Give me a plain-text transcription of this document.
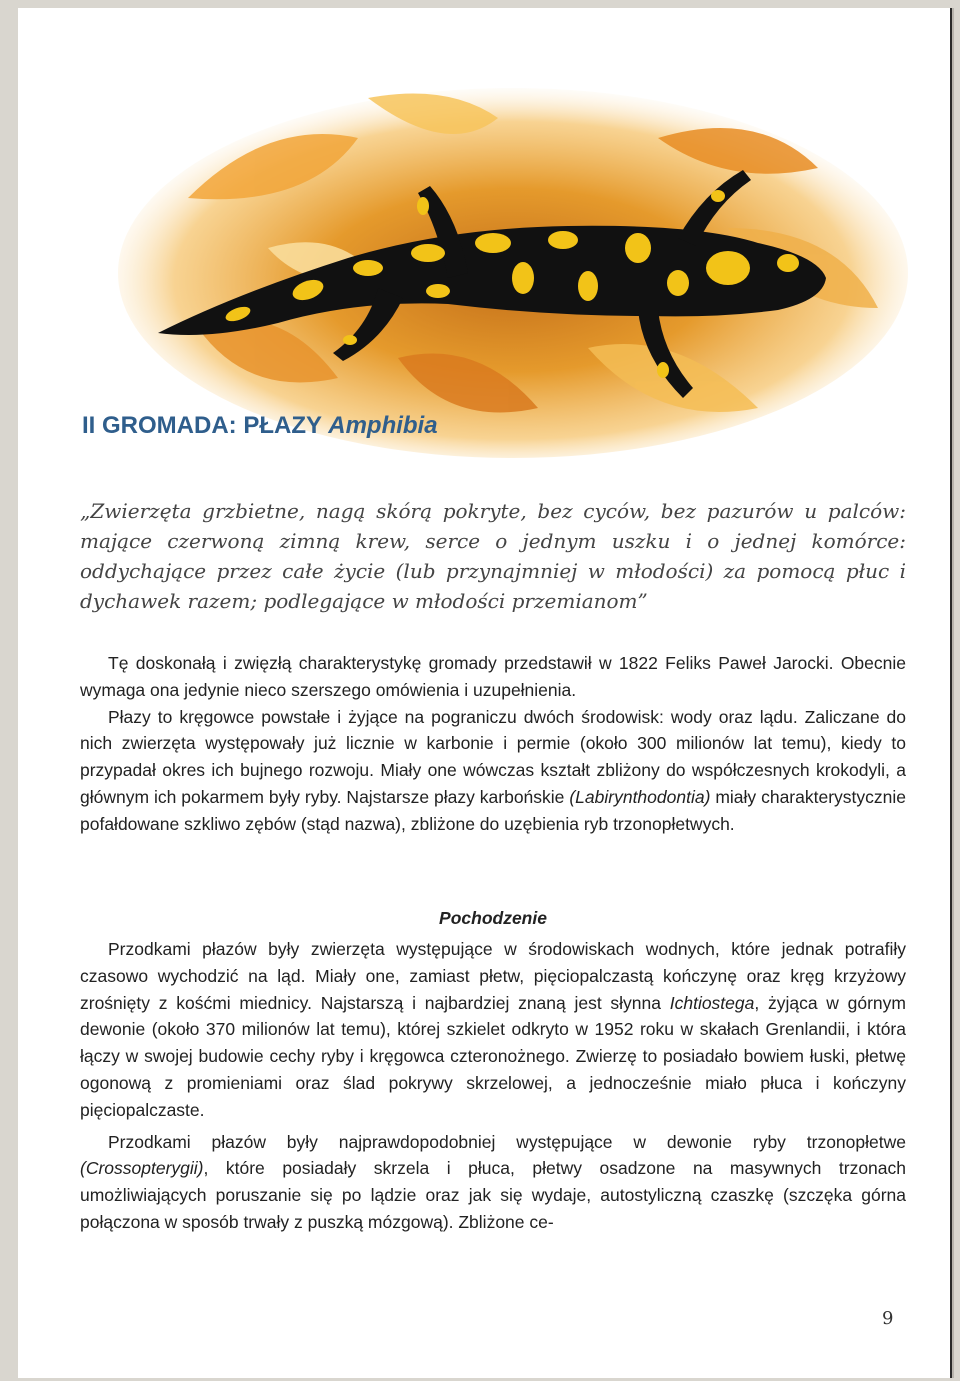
II GROMADA: PŁAZY Amphibia

„Zwierzęta grzbietne, nagą skórą pokryte, bez cyców, bez pazurów u palców: mające czerwoną zimną krew, serce o jednym uszku i o jednej komórce: oddychające przez całe życie (lub przynajmniej w młodości) za pomocą płuc i dychawek razem; podlegające w młodości przemianom”

Tę doskonałą i zwięzłą charakterystykę gromady przedstawił w 1822 Feliks Paweł Jarocki. Obecnie wymaga ona jedynie nieco szerszego omówienia i uzupełnienia.

Płazy to kręgowce powstałe i żyjące na pograniczu dwóch środowisk: wody oraz lądu. Zaliczane do nich zwierzęta występowały już licznie w karbonie i permie (około 300 milionów lat temu), kiedy to przypadał okres ich bujnego rozwoju. Miały one wówczas kształt zbliżony do współczesnych krokodyli, a głównym ich pokarmem były ryby. Najstarsze płazy karbońskie (Labirynthodontia) miały charakterystycznie pofałdowane szkliwo zębów (stąd nazwa), zbliżone do uzębienia ryb trzonopłetwych.

Pochodzenie

Przodkami płazów były zwierzęta występujące w środowiskach wodnych, które jednak potrafiły czasowo wychodzić na ląd. Miały one, zamiast płetw, pięciopalczastą kończynę oraz kręg krzyżowy zrośnięty z kośćmi miednicy. Najstarszą i najbardziej znaną jest słynna Ichtiostega, żyjąca w górnym dewonie (około 370 milionów lat temu), której szkielet odkryto w 1952 roku w skałach Grenlandii, i która łączy w swojej budowie cechy ryby i kręgowca czteronożnego. Zwierzę to posiadało bowiem łuski, płetwę ogonową z promieniami oraz ślad pokrywy skrzelowej, a jednocześnie miało płuca i kończyny pięciopalczaste.

Przodkami płazów były najprawdopodobniej występujące w dewonie ryby trzonopłetwe (Crossopterygii), które posiadały skrzela i płuca, płetwy osadzone na masywnych trzonach umożliwiających poruszanie się po lądzie oraz jak się wydaje, autostyliczną czaszkę (szczęka górna połączona w sposób trwały z puszką mózgową). Zbliżone ce-

9
